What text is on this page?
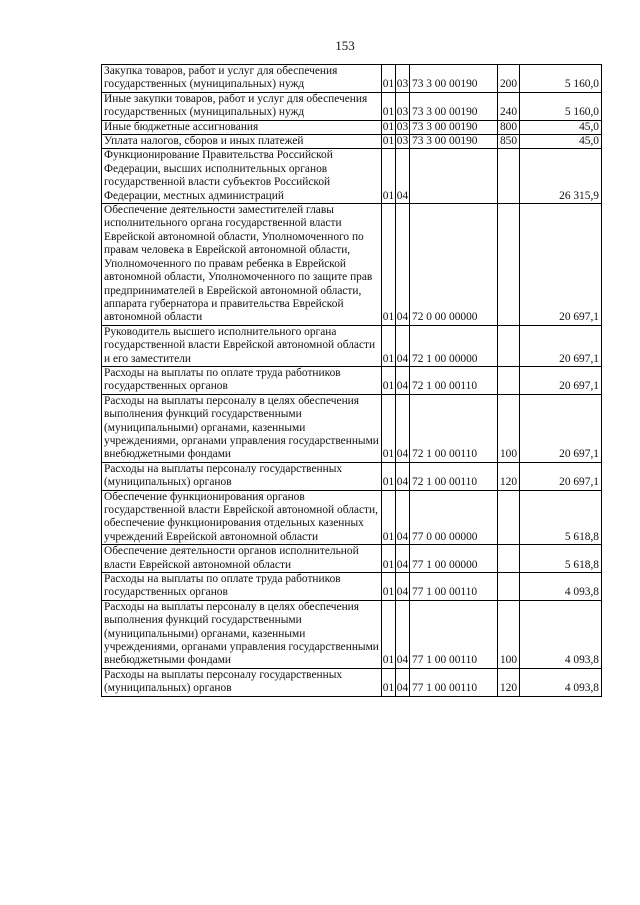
153
Закупка товаров, работ и услуг для обеспечения государственных (муниципальных) нужд	01	03	73 3 00 00190	200	5 160,0
Иные закупки товаров, работ и услуг для обеспечения государственных (муниципальных) нужд	01	03	73 3 00 00190	240	5 160,0
Иные бюджетные ассигнования	01	03	73 3 00 00190	800	45,0
Уплата налогов, сборов и иных платежей	01	03	73 3 00 00190	850	45,0
Функционирование Правительства Российской Федерации, высших исполнительных органов государственной власти субъектов Российской Федерации, местных администраций	01	04			26 315,9
Обеспечение деятельности заместителей главы исполнительного органа государственной власти Еврейской автономной области, Уполномоченного по правам человека в Еврейской автономной области, Уполномоченного по правам ребенка в Еврейской автономной области, Уполномоченного по защите прав предпринимателей в Еврейской автономной области, аппарата губернатора и правительства Еврейской автономной области	01	04	72 0 00 00000		20 697,1
Руководитель высшего исполнительного органа государственной власти Еврейской автономной области и его заместители	01	04	72 1 00 00000		20 697,1
Расходы на выплаты по оплате труда работников государственных органов	01	04	72 1 00 00110		20 697,1
Расходы на выплаты персоналу в целях обеспечения выполнения функций государственными (муниципальными) органами, казенными учреждениями, органами управления государственными внебюджетными фондами	01	04	72 1 00 00110	100	20 697,1
Расходы на выплаты персоналу государственных (муниципальных) органов	01	04	72 1 00 00110	120	20 697,1
Обеспечение функционирования органов государственной власти Еврейской автономной области, обеспечение функционирования отдельных казенных учреждений Еврейской автономной области	01	04	77 0 00 00000		5 618,8
Обеспечение деятельности органов исполнительной власти Еврейской автономной области	01	04	77 1 00 00000		5 618,8
Расходы на выплаты по оплате труда работников государственных органов	01	04	77 1 00 00110		4 093,8
Расходы на выплаты персоналу в целях обеспечения выполнения функций государственными (муниципальными) органами, казенными учреждениями, органами управления государственными внебюджетными фондами	01	04	77 1 00 00110	100	4 093,8
Расходы на выплаты персоналу государственных (муниципальных) органов	01	04	77 1 00 00110	120	4 093,8
